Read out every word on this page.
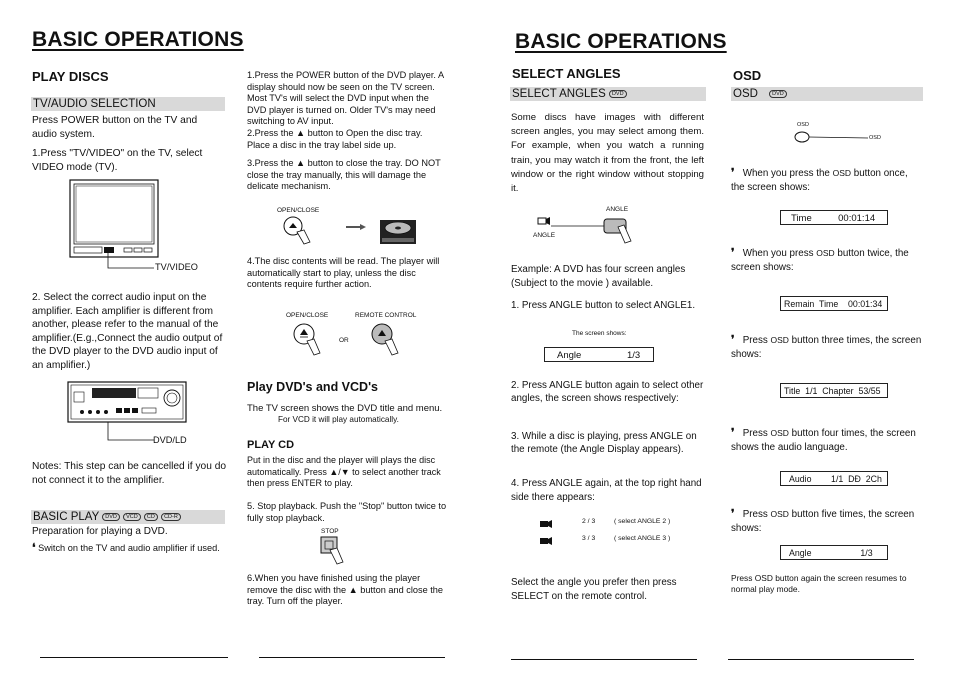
BASIC OPERATIONS
PLAY DISCS
TV/AUDIO SELECTION
Press POWER button on the TV and audio system.
1.Press "TV/VIDEO" on the TV, select VIDEO mode (TV).
TV/VIDEO
2. Select the correct audio input on the amplifier. Each amplifier is different from another, please refer to the manual of the amplifier.(E.g.,Connect the audio output of the DVD player to the DVD audio input of an amplifier.)
DVD/LD
Notes: This step can be cancelled if you do not connect it to the amplifier.
BASIC PLAY DVD VCD CD CD-R
Preparation for playing a DVD.
❛ Switch on the TV and audio amplifier if used.
1.Press the POWER button of the DVD player. A display should now be seen on the TV screen. Most TV's will select the DVD input when the DVD player is turned on. Older TV's may need switching to AV input.
2.Press the ▲ button to Open the disc tray. Place a disc in the tray label side up.
3.Press the ▲ button to close the tray. DO NOT close the tray manually, this will damage the delicate mechanism.
OPEN/CLOSE
4.The disc contents will be read. The player will automatically start to play, unless the disc contents require further action.
OPEN/CLOSE	REMOTE CONTROL
OR
Play DVD's and VCD's
The TV screen shows the DVD title and menu.
For VCD it will play automatically.
PLAY CD
Put in the disc and the player will plays the disc automatically. Press ▲/▼ to select another track then press ENTER to play.
5. Stop playback. Push the "Stop" button twice to fully stop playback.
STOP
6.When you have finished using the player remove the disc with the ▲ button and close the tray. Turn off the player.
BASIC OPERATIONS
SELECT ANGLES
SELECT ANGLES DVD
Some discs have images with different screen angles, you may select among them. For example, when you watch a running train, you may watch it from the front, the left window or the right window without stopping it.
ANGLE
ANGLE
Example: A DVD has four screen angles (Subject to the movie ) available.
1. Press ANGLE button to select ANGLE1.
The screen shows:
Angle	1/3
2. Press ANGLE button again to select other angles, the screen shows respectively:
3. While a disc is playing, press ANGLE on the remote (the Angle Display appears).
4. Press ANGLE again, at the top right hand side there appears:
2 / 3	( select ANGLE 2 )
3 / 3	( select ANGLE 3 )
Select the angle you prefer then press SELECT on the remote control.
OSD
OSD	DVD
OSD
OSD
❜ When you press the OSD button once, the screen shows:
Time          00:01:14
❜ When you press OSD button twice, the screen shows:
Remain  Time    00:01:34
❜ Press OSD button three times, the screen shows:
Title  1/1  Chapter  53/55
❜ Press OSD button four times, the screen shows the audio language.
Audio        1/1  DĐ  2Ch
❜ Press OSD button five times, the screen shows:
Angle                    1/3
Press OSD button again the screen resumes to normal play mode.
